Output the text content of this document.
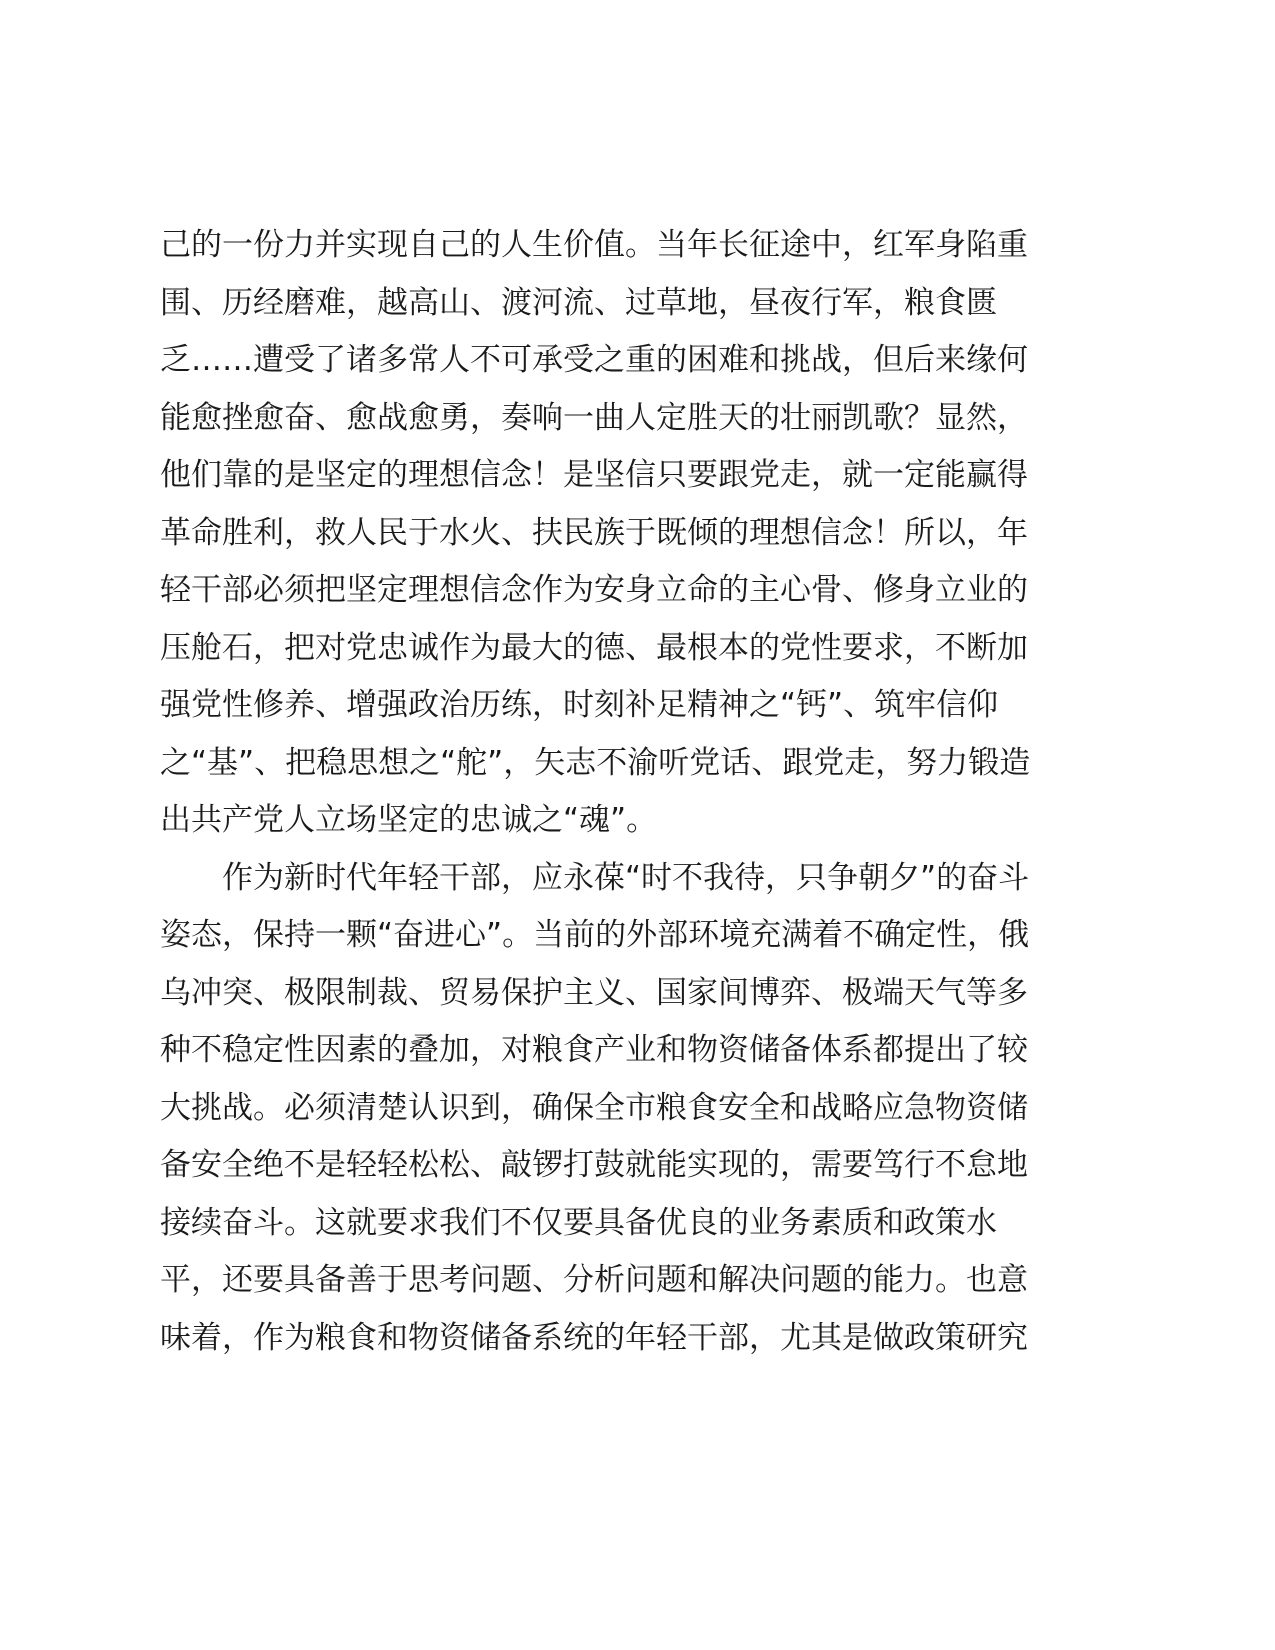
己的一份力并实现自己的人生价值。当年长征途中，红军身陷重
围、历经磨难，越高山、渡河流、过草地，昼夜行军，粮食匮
乏……遭受了诸多常人不可承受之重的困难和挑战，但后来缘何
能愈挫愈奋、愈战愈勇，奏响一曲人定胜天的壮丽凯歌？显然，
他们靠的是坚定的理想信念！是坚信只要跟党走，就一定能赢得
革命胜利，救人民于水火、扶民族于既倾的理想信念！所以，年
轻干部必须把坚定理想信念作为安身立命的主心骨、修身立业的
压舱石，把对党忠诚作为最大的德、最根本的党性要求，不断加
强党性修养、增强政治历练，时刻补足精神之“钙”、筑牢信仰
之“基”、把稳思想之“舵”，矢志不渝听党话、跟党走，努力锻造
出共产党人立场坚定的忠诚之“魂”。
作为新时代年轻干部，应永葆“时不我待，只争朝夕”的奋斗
姿态，保持一颗“奋进心”。当前的外部环境充满着不确定性，俄
乌冲突、极限制裁、贸易保护主义、国家间博弈、极端天气等多
种不稳定性因素的叠加，对粮食产业和物资储备体系都提出了较
大挑战。必须清楚认识到，确保全市粮食安全和战略应急物资储
备安全绝不是轻轻松松、敲锣打鼓就能实现的，需要笃行不怠地
接续奋斗。这就要求我们不仅要具备优良的业务素质和政策水
平，还要具备善于思考问题、分析问题和解决问题的能力。也意
味着，作为粮食和物资储备系统的年轻干部，尤其是做政策研究
